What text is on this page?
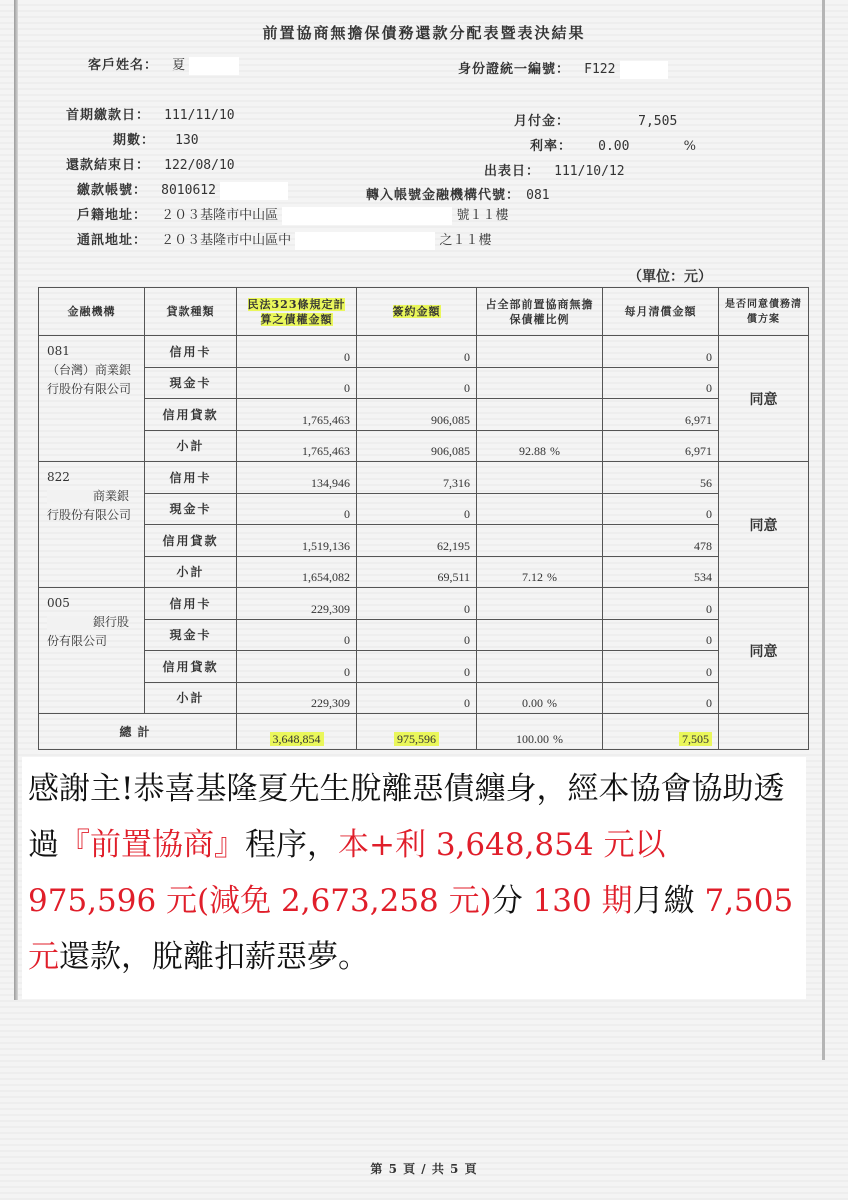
前置協商無擔保債務還款分配表暨表決結果
客戶姓名： 夏	身份證統一編號： F122
首期繳款日： 111/11/10
期數： 130
還款結束日： 122/08/10
繳款帳號： 8010612
戶籍地址： ２０３基隆市中山區	號１１樓
通訊地址： ２０３基隆市中山區中	之１１樓
月付金：	7,505
利率： 0.00	%
出表日： 111/10/12
轉入帳號金融機構代號： 081
（單位：元）
金融機構	貸款種類	民法323條規定計算之債權金額	簽約金額	占全部前置協商無擔保債權比例	每月清償金額	是否同意債務清償方案

081
（台灣）商業銀行股份有限公司	信用卡	0	0		0	同意
	現金卡	0	0		0	
	信用貸款	1,765,463	906,085		6,971	
	小計	1,765,463	906,085	92.88 %	6,971	

822
商業銀行股份有限公司	信用卡	134,946	7,316		56	同意
	現金卡	0	0		0	
	信用貸款	1,519,136	62,195		478	
	小計	1,654,082	69,511	7.12 %	534	

005
銀行股份有限公司	信用卡	229,309	0		0	同意
	現金卡	0	0		0	
	信用貸款	0	0		0	
	小計	229,309	0	0.00 %	0	
總計		3,648,854	975,596	100.00 %	7,505	
感謝主!恭喜基隆夏先生脫離惡債纏身，經本協會協助透過『前置協商』程序，本+利 3,648,854 元以 975,596 元(減免 2,673,258 元)分 130 期月繳 7,505 元還款，脫離扣薪惡夢。
第 5 頁 / 共 5 頁
